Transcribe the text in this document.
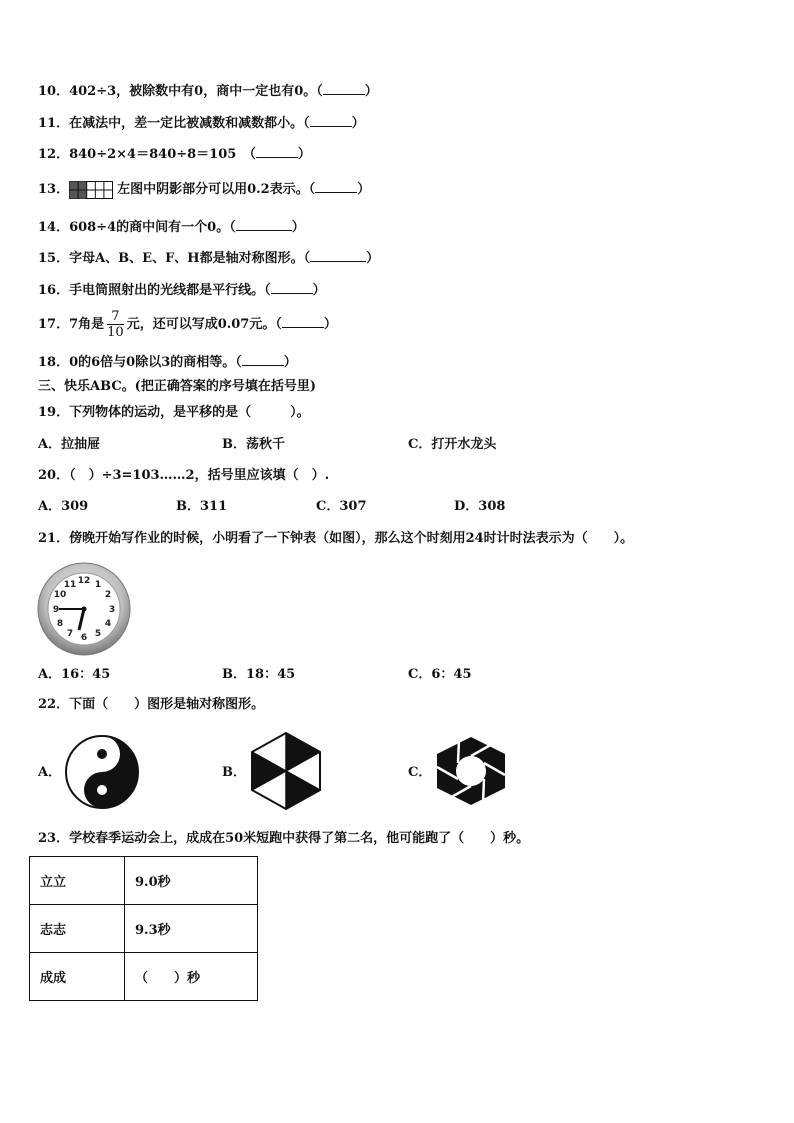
10．402÷3，被除数中有0，商中一定也有0。（	）
11．在减法中，差一定比被减数和减数都小。（	）
12．840÷2×4＝840÷8＝105　（	）
13．	左图中阴影部分可以用0.2表示。（	）
14．608÷4的商中间有一个0。（	）
15．字母A、B、E、F、H都是轴对称图形。（	）
16．手电筒照射出的光线都是平行线。（	）
17．7角是 $\frac{7}{10}$ 元，还可以写成0.07元。（	）
18．0的6倍与0除以3的商相等。（	）
三、快乐ABC。(把正确答案的序号填在括号里)
19．下列物体的运动，是平移的是（　　　）。
A．拉抽屉	B．荡秋千	C．打开水龙头
20．（　）÷3=103……2，括号里应该填（　）.
A．309	B．311	C．307	D．308
21．傍晚开始写作业的时候，小明看了一下钟表（如图），那么这个时刻用24时计时法表示为（　　）。
12 1
2
3
4
5
6
7
8
9
10
11
A．16：45	B．18：45	C．6：45
22．下面（　　）图形是轴对称图形。
A．	B．	C．
23．学校春季运动会上，成成在50米短跑中获得了第二名，他可能跑了（　　）秒。
立立	9.0秒
志志	9.3秒
成成	（　　）秒
